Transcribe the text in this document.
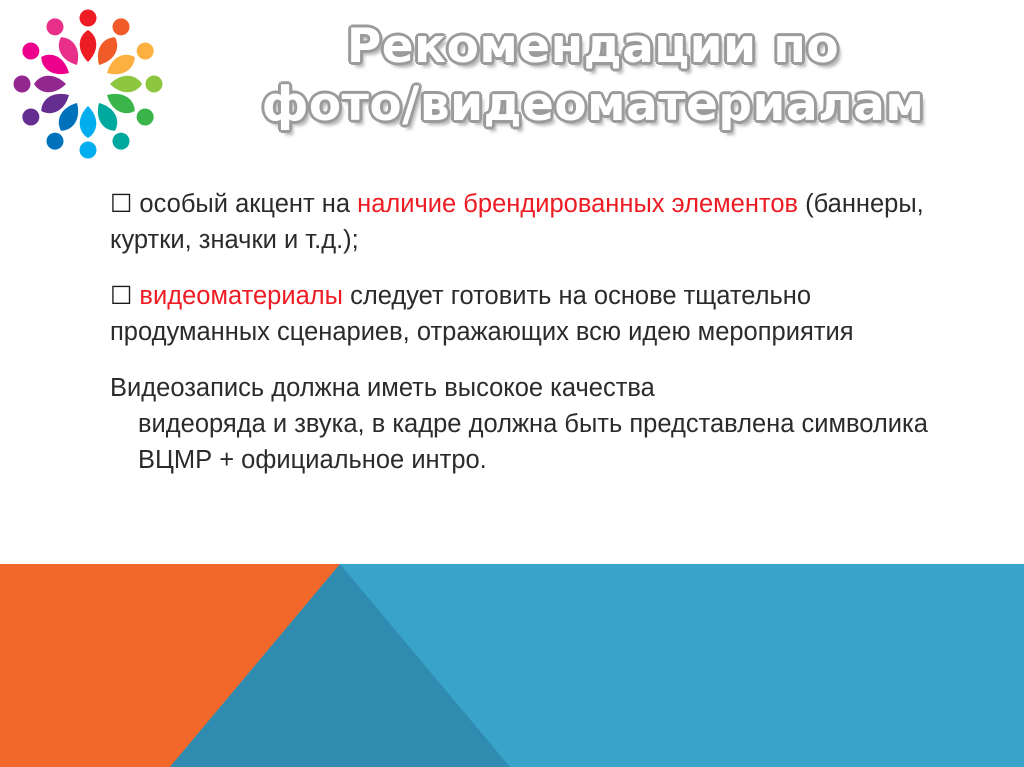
Рекомендации по
фото/видеоматериалам
☐ особый акцент на наличие брендированных элементов (баннеры, куртки, значки и т.д.);
☐ видеоматериалы следует готовить на основе тщательно продуманных сценариев, отражающих всю идею мероприятия
Видеозапись должна иметь высокое качества
видеоряда и звука, в кадре должна быть представлена символика ВЦМР + официальное интро.
